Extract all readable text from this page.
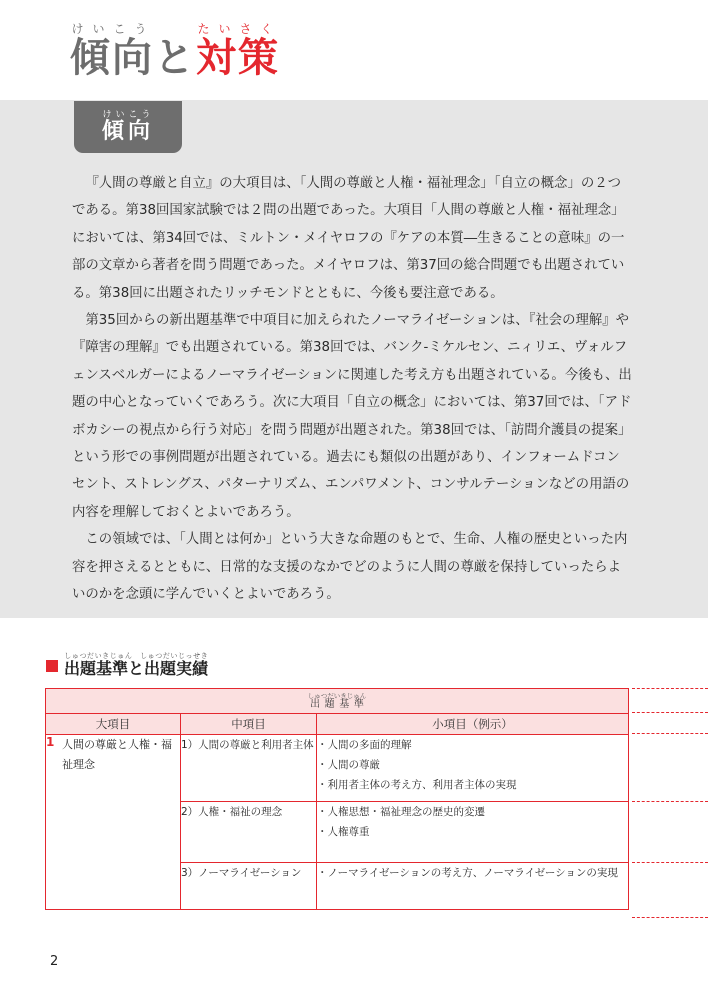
傾向けいこうと対策たいさく
傾向けいこう

『人間の尊厳と自立』の大項目は、「人間の尊厳と人権・福祉理念」「自立の概念」の２つである。第38回国家試験では２問の出題であった。大項目「人間の尊厳と人権・福祉理念」においては、第34回では、ミルトン・メイヤロフの『ケアの本質―生きることの意味』の一部の文章から著者を問う問題であった。メイヤロフは、第37回の総合問題でも出題されている。第38回に出題されたリッチモンドとともに、今後も要注意である。

第35回からの新出題基準で中項目に加えられたノーマライゼーションは、『社会の理解』や『障害の理解』でも出題されている。第38回では、バンク-ミケルセン、ニィリエ、ヴォルフェンスベルガーによるノーマライゼーションに関連した考え方も出題されている。今後も、出題の中心となっていくであろう。次に大項目「自立の概念」においては、第37回では、「アドボカシーの視点から行う対応」を問う問題が出題された。第38回では、「訪問介護員の提案」という形での事例問題が出題されている。過去にも類似の出題があり、インフォームドコンセント、ストレングス、パターナリズム、エンパワメント、コンサルテーションなどの用語の内容を理解しておくとよいであろう。

この領域では、「人間とは何か」という大きな命題のもとで、生命、人権の歴史といった内容を押さえるとともに、日常的な支援のなかでどのように人間の尊厳を保持していったらよいのかを念頭に学んでいくとよいであろう。

出題基準と出題実績しゅつだいきじゅん　しゅつだいじっせき
出題基準しゅつだいきじゅん			
大項目		中項目	小項目（例示）
1	人間の尊厳と人権・福祉理念	1）人間の尊厳と利用者主体	・人間の多面的理解
・人間の尊厳
・利用者主体の考え方、利用者主体の実現

		2）人権・福祉の理念	・人権思想・福祉理念の歴史的変遷
・人権尊重

		3）ノーマライゼーション	・ノーマライゼーションの考え方、ノーマライゼーションの実現
2
